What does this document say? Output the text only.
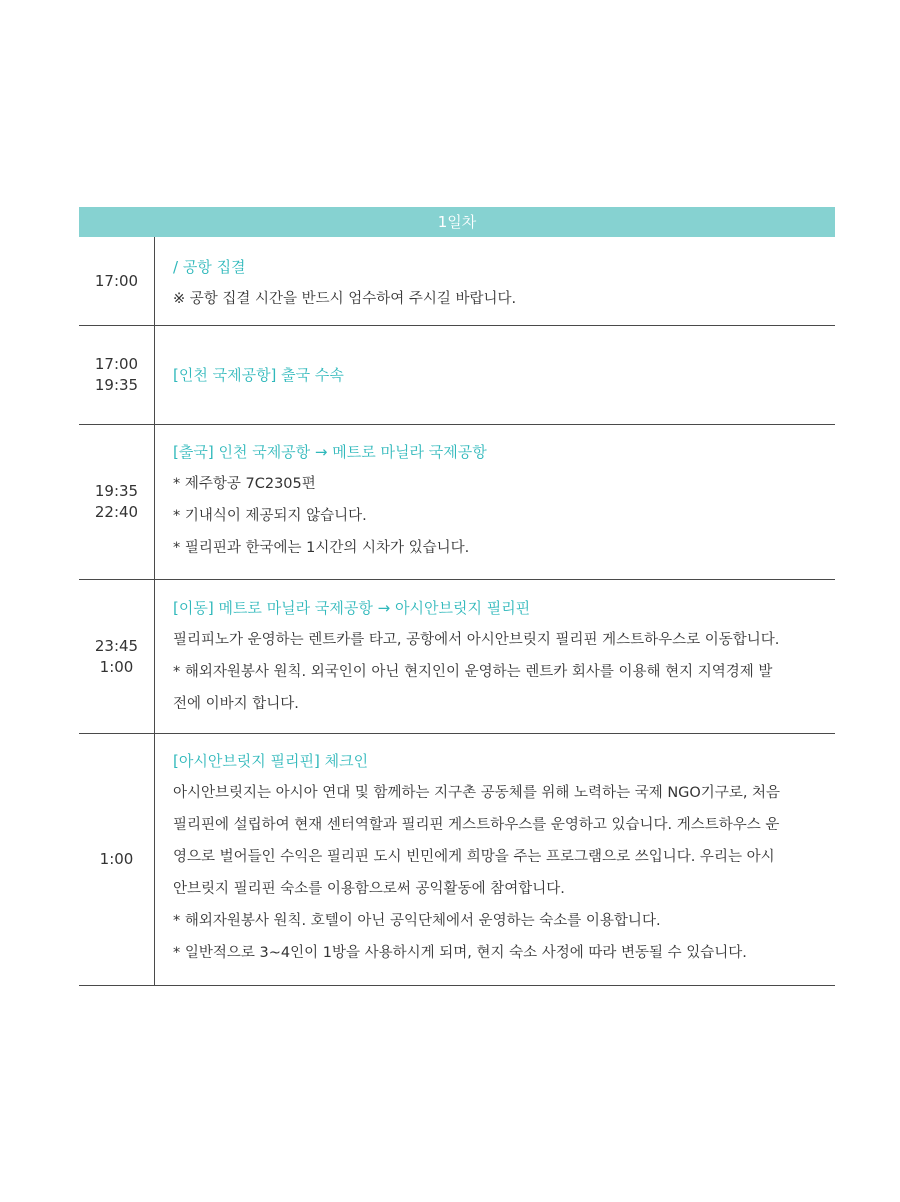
1일차
17:00
/ 공항 집결
※ 공항 집결 시간을 반드시 엄수하여 주시길 바랍니다.
17:00
19:35
[인천 국제공항] 출국 수속
19:35
22:40
[출국] 인천 국제공항 → 메트로 마닐라 국제공항
* 제주항공 7C2305편
* 기내식이 제공되지 않습니다.
* 필리핀과 한국에는 1시간의 시차가 있습니다.
23:45
1:00
[이동] 메트로 마닐라 국제공항 → 아시안브릿지 필리핀
필리피노가 운영하는 렌트카를 타고, 공항에서 아시안브릿지 필리핀 게스트하우스로 이동합니다.
* 해외자원봉사 원칙. 외국인이 아닌 현지인이 운영하는 렌트카 회사를 이용해 현지 지역경제 발
전에 이바지 합니다.
1:00
[아시안브릿지 필리핀] 체크인
아시안브릿지는 아시아 연대 및 함께하는 지구촌 공동체를 위해 노력하는 국제 NGO기구로, 처음
필리핀에 설립하여 현재 센터역할과 필리핀 게스트하우스를 운영하고 있습니다. 게스트하우스 운
영으로 벌어들인 수익은 필리핀 도시 빈민에게 희망을 주는 프로그램으로 쓰입니다. 우리는 아시
안브릿지 필리핀 숙소를 이용함으로써 공익활동에 참여합니다.
* 해외자원봉사 원칙. 호텔이 아닌 공익단체에서 운영하는 숙소를 이용합니다.
* 일반적으로 3~4인이 1방을 사용하시게 되며, 현지 숙소 사정에 따라 변동될 수 있습니다.
